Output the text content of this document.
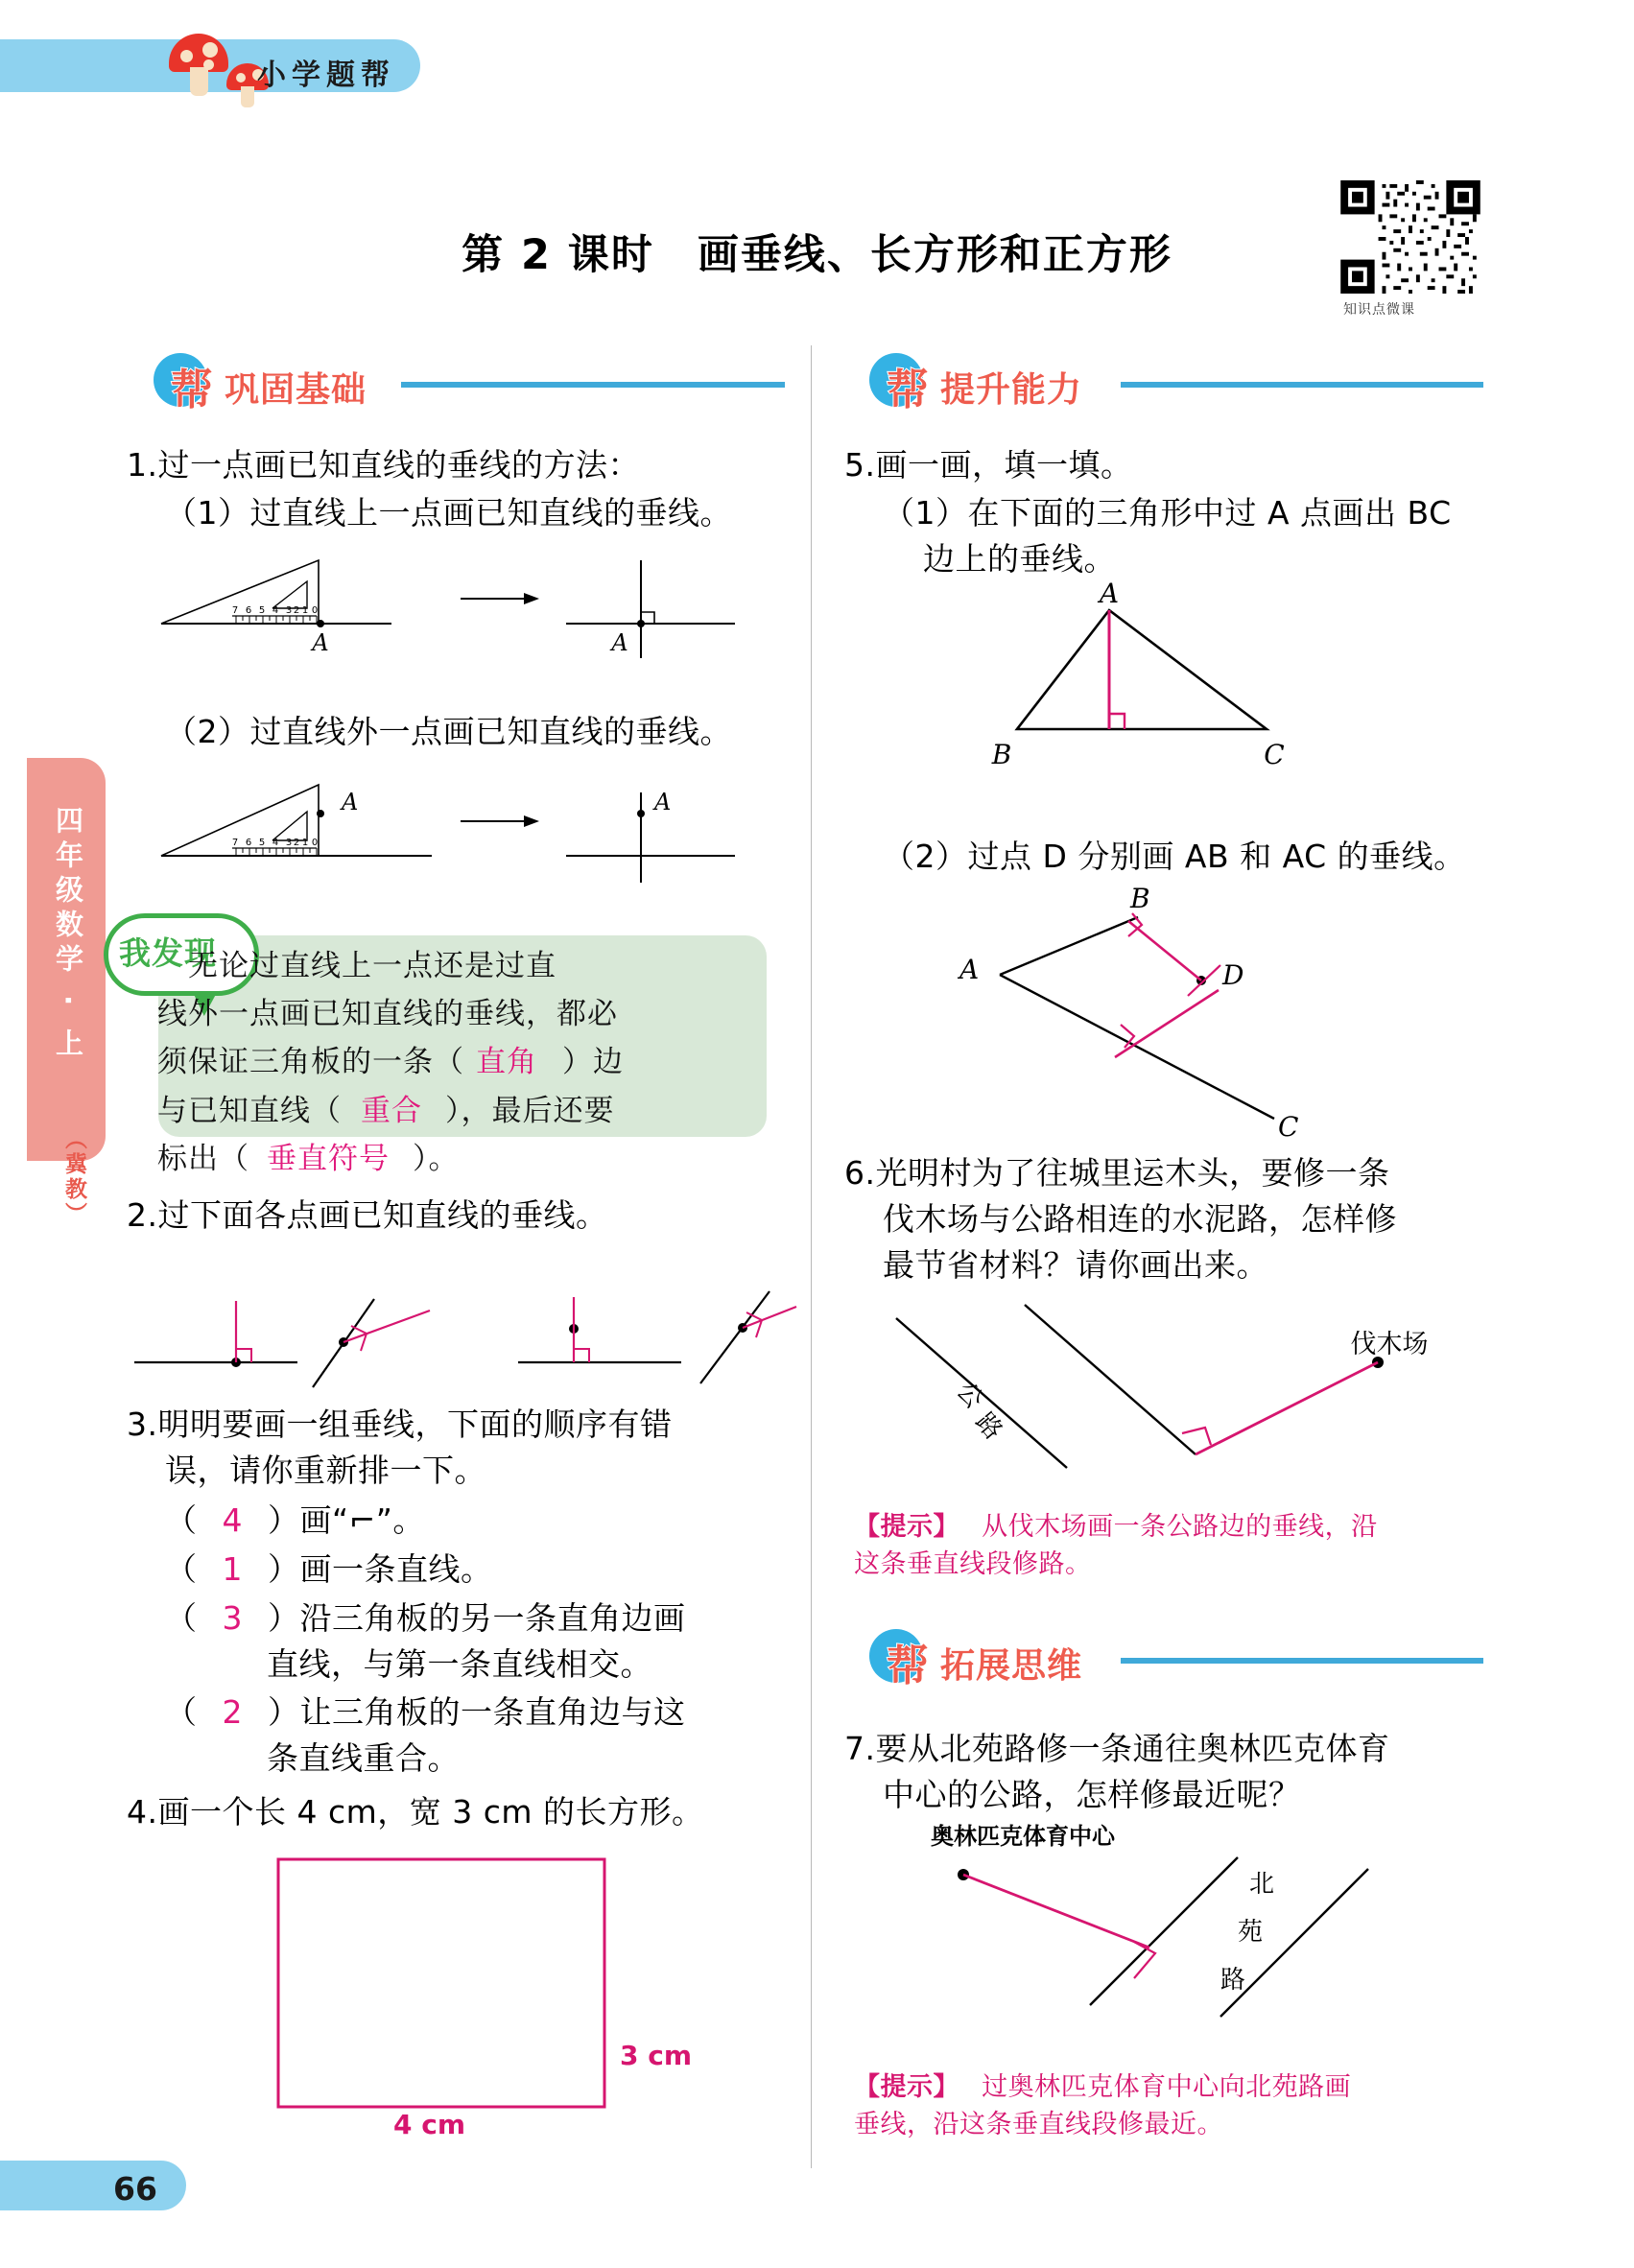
小学题帮
第 2 课时　画垂线、长方形和正方形
知识点微课
四年级数学 · 上
（冀教）
帮 巩固基础
1.过一点画已知直线的垂线的方法：
（1）过直线上一点画已知直线的垂线。
7 6 5 4 3 2 1 0
A	A
（2）过直线外一点画已知直线的垂线。
7 6 5 4 3 2 1 0
A	A
我发现
无论过直线上一点还是过直
线外一点画已知直线的垂线，都必
须保证三角板的一条（ 直角 ）边
与已知直线（ 重合 ），最后还要
标出（ 垂直符号 ）。
2.过下面各点画已知直线的垂线。
3.明明要画一组垂线，下面的顺序有错
误，请你重新排一下。
（ 4 ）画“⌐”。
（ 1 ）画一条直线。
（ 3 ）沿三角板的另一条直角边画
直线，与第一条直线相交。
（ 2 ）让三角板的一条直角边与这
条直线重合。
4.画一个长 4 cm，宽 3 cm 的长方形。
3 cm
4 cm
帮 提升能力
5.画一画，填一填。
（1）在下面的三角形中过 A 点画出 BC
边上的垂线。
A
B	C
（2）过点 D 分别画 AB 和 AC 的垂线。
A
B
C
D
6.光明村为了往城里运木头，要修一条
伐木场与公路相连的水泥路，怎样修
最节省材料？请你画出来。
公
路
伐木场
【提示】 从伐木场画一条公路边的垂线，沿
这条垂直线段修路。
帮 拓展思维
7.要从北苑路修一条通往奥林匹克体育
中心的公路，怎样修最近呢？
奥林匹克体育中心
北
苑
路
【提示】 过奥林匹克体育中心向北苑路画
垂线，沿这条垂直线段修最近。
66
